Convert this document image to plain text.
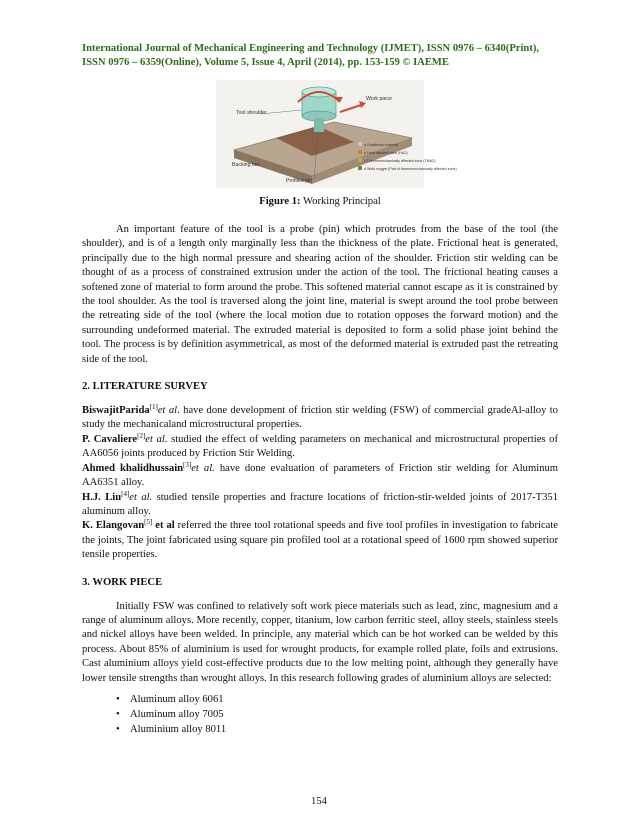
International Journal of Mechanical Engineering and Technology (IJMET), ISSN 0976 – 6340(Print),
ISSN 0976 – 6359(Online), Volume 5, Issue 4, April (2014), pp. 153-159 © IAEME
Tool shoulder
Work piece
Backing bar
Profiled pin
a Unaffected material
b Heat affected zone (HAZ)
c Thermomechanically affected zone (TMAZ)
d Weld nugget (Part of thermomechanically affected zone)
Figure 1: Working Principal

An important feature of the tool is a probe (pin) which protrudes from the base of the tool (the shoulder), and is of a length only marginally less than the thickness of the plate. Frictional heat is generated, principally due to the high normal pressure and shearing action of the shoulder. Friction stir welding can be thought of as a process of constrained extrusion under the action of the tool. The frictional heating causes a softened zone of material to form around the probe. This softened material cannot escape as it is constrained by the tool shoulder. As the tool is traversed along the joint line, material is swept around the tool probe between the retreating side of the tool (where the local motion due to rotation opposes the forward motion) and the surrounding undeformed material. The extruded material is deposited to form a solid phase joint behind the tool. The process is by definition asymmetrical, as most of the deformed material is extruded past the retreating side of the tool.

2. LITERATURE SURVEY

BiswajitParida[1]et al. have done development of friction stir welding (FSW) of commercial gradeAl-alloy to study the mechanicaland microstructural properties.

P. Cavaliere[2]et al. studied the effect of welding parameters on mechanical and microstructural properties of AA6056 joints produced by Friction Stir Welding.

Ahmed khalidhussain[3]et al. have done evaluation of parameters of Friction stir welding for Aluminum AA6351 alloy.

H.J. Liu[4]et al. studied tensile properties and fracture locations of friction-stir-welded joints of 2017-T351 aluminum alloy.

K. Elangovan[5] et al referred the three tool rotational speeds and five tool profiles in investigation to fabricate the joints, The joint fabricated using square pin profiled tool at a rotational speed of 1600 rpm showed superior tensile properties.

3. WORK PIECE

Initially FSW was confined to relatively soft work piece materials such as lead, zinc, magnesium and a range of aluminum alloys. More recently, copper, titanium, low carbon ferritic steel, alloy steels, stainless steels and nickel alloys have been welded. In principle, any material which can be hot worked can be welded by this process. About 85% of aluminium is used for wrought products, for example rolled plate, foils and extrusions. Cast aluminium alloys yield cost-effective products due to the low melting point, although they generally have lower tensile strengths than wrought alloys. In this research following grades of aluminium alloys are selected:

• Aluminum alloy 6061
• Aluminum alloy 7005
• Aluminium alloy 8011
154
